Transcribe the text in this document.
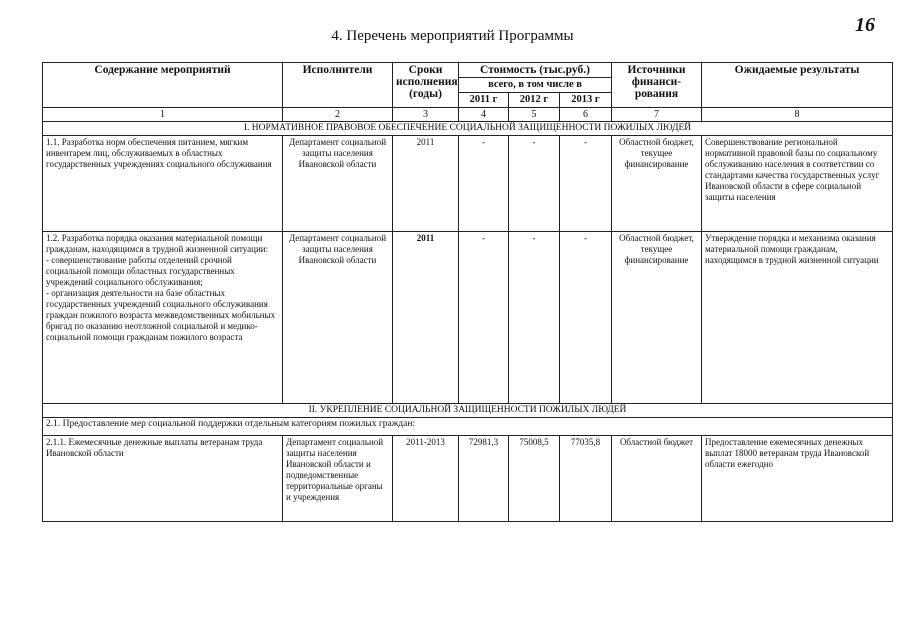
16
4. Перечень мероприятий Программы
Содержание мероприятий	Исполнители	Сроки исполнения (годы)	Стоимость (тыс.руб.)			Источники финанси- рования	Ожидаемые результаты
			всего, в том числе в				
			2011 г	2012 г	2013 г		
1	2	3	4	5	6	7	8
I. НОРМАТИВНОЕ ПРАВОВОЕ ОБЕСПЕЧЕНИЕ СОЦИАЛЬНОЙ ЗАЩИЩЕННОСТИ ПОЖИЛЫХ ЛЮДЕЙ							
1.1. Разработка норм обеспечения питанием, мягким инвентарем лиц, обслуживаемых в областных государственных учреждениях социального обслуживания	Департамент социальной защиты населения Ивановской области	2011	-	-	-	Областной бюджет, текущее финансирование	Совершенствование региональной нормативной правовой базы по социальному обслуживанию населения в соответствии со стандартами качества государственных услуг Ивановской области в сфере социальной защиты населения
1.2. Разработка порядка оказания материальной помощи гражданам, находящимся в трудной жизненной ситуации:
- совершенствование работы отделений срочной социальной помощи областных государственных учреждений социального обслуживания;
- организация деятельности на базе областных государственных учреждений социального обслуживания граждан пожилого возраста межведомственных мобильных бригад по оказанию неотложной социальной и медико-социальной помощи гражданам пожилого возраста	Департамент социальной защиты населения Ивановской области	2011	-	-	-	Областной бюджет, текущее финансирование	Утверждение порядка и механизма оказания материальной помощи гражданам, находящимся в трудной жизненной ситуации
II. УКРЕПЛЕНИЕ СОЦИАЛЬНОЙ ЗАЩИЩЕННОСТИ ПОЖИЛЫХ ЛЮДЕЙ							
2.1. Предоставление мер социальной поддержки отдельным категориям пожилых граждан:							
2.1.1. Ежемесячные денежные выплаты ветеранам труда Ивановской области	Департамент социальной защиты населения Ивановской области и подведомственные территориальные органы и учреждения	2011-2013	72981,3	75008,5	77035,8	Областной бюджет	Предоставление ежемесячных денежных выплат 18000 ветеранам труда Ивановской области ежегодно
